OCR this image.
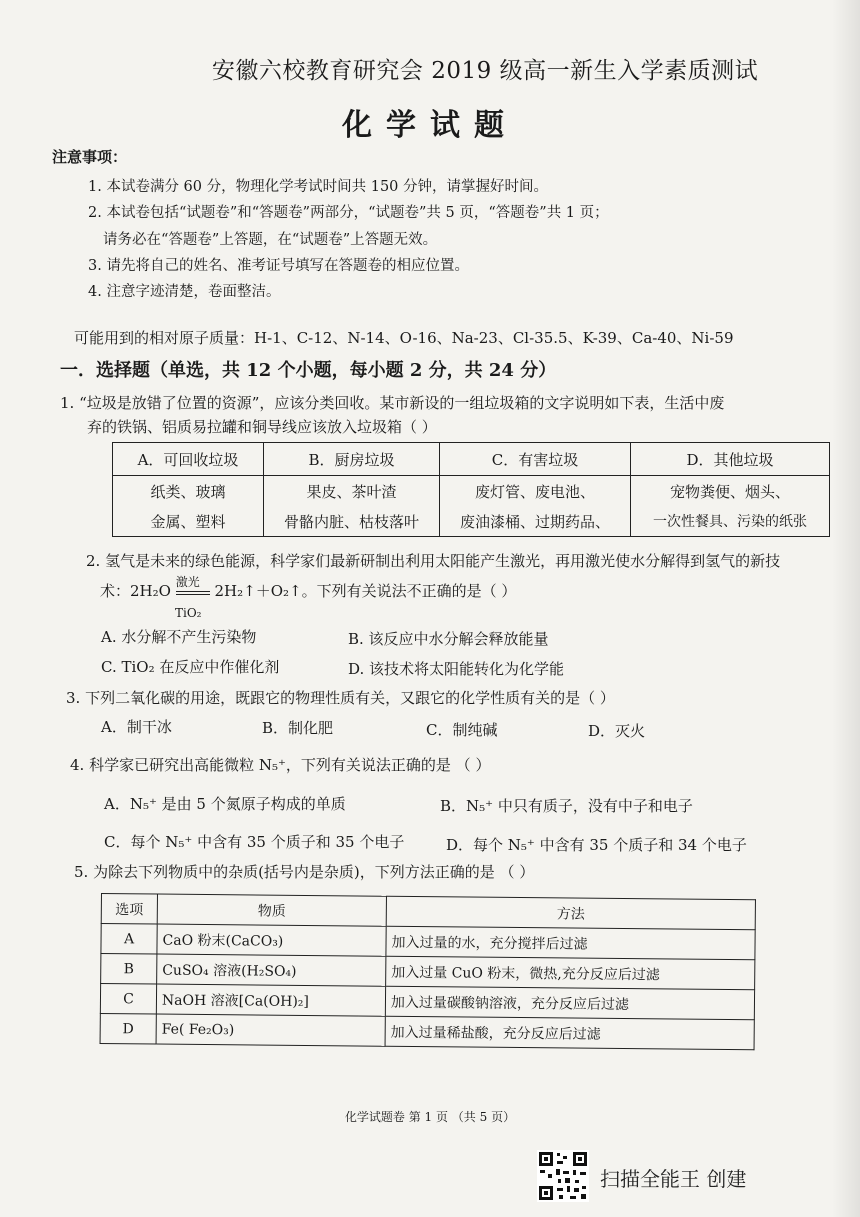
安徽六校教育研究会 2019 级高一新生入学素质测试
化学试题
注意事项：
1. 本试卷满分 60 分，物理化学考试时间共 150 分钟，请掌握好时间。
2. 本试卷包括“试题卷”和“答题卷”两部分，“试题卷”共 5 页，“答题卷”共 1 页；
请务必在“答题卷”上答题，在“试题卷”上答题无效。
3. 请先将自己的姓名、准考证号填写在答题卷的相应位置。
4. 注意字迹清楚，卷面整洁。
可能用到的相对原子质量：H-1、C-12、N-14、O-16、Na-23、Cl-35.5、K-39、Ca-40、Ni-59
一．选择题（单选，共 12 个小题，每小题 2 分，共 24 分）
1. “垃圾是放错了位置的资源”，应该分类回收。某市新设的一组垃圾箱的文字说明如下表，生活中废
弃的铁锅、铝质易拉罐和铜导线应该放入垃圾箱（ ）
A．可回收垃圾	B．厨房垃圾	C．有害垃圾	D．其他垃圾
纸类、玻璃	果皮、茶叶渣	废灯管、废电池、	宠物粪便、烟头、
金属、塑料	骨骼内脏、枯枝落叶	废油漆桶、过期药品、	一次性餐具、污染的纸张
2. 氢气是未来的绿色能源，科学家们最新研制出利用太阳能产生激光，再用激光使水分解得到氢气的新技
术：2H₂O 激光 2H₂↑＋O₂↑。下列有关说法不正确的是（ ）
TiO₂
A. 水分解不产生污染物	B. 该反应中水分解会释放能量
C. TiO₂ 在反应中作催化剂	D. 该技术将太阳能转化为化学能
3. 下列二氧化碳的用途，既跟它的物理性质有关，又跟它的化学性质有关的是（ ）
A．制干冰	B．制化肥	C．制纯碱	D．灭火
4. 科学家已研究出高能微粒 N₅⁺，下列有关说法正确的是 （ ）
A．N₅⁺ 是由 5 个氮原子构成的单质	B．N₅⁺ 中只有质子，没有中子和电子
C．每个 N₅⁺ 中含有 35 个质子和 35 个电子	D．每个 N₅⁺ 中含有 35 个质子和 34 个电子
5. 为除去下列物质中的杂质(括号内是杂质)，下列方法正确的是 （ ）
选项	物质	方法
A	CaO 粉末(CaCO₃)	加入过量的水，充分搅拌后过滤
B	CuSO₄ 溶液(H₂SO₄)	加入过量 CuO 粉末，微热,充分反应后过滤
C	NaOH 溶液[Ca(OH)₂]	加入过量碳酸钠溶液，充分反应后过滤
D	Fe( Fe₂O₃)	加入过量稀盐酸，充分反应后过滤
化学试题卷 第 1 页 （共 5 页）
扫描全能王 创建
